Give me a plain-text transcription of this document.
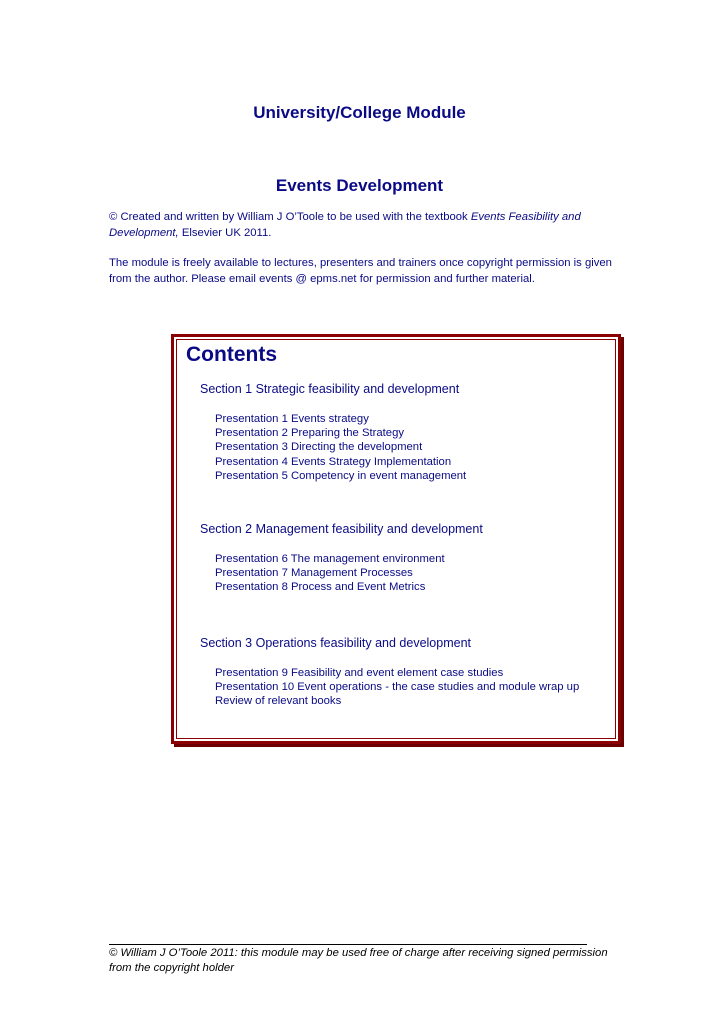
University/College Module
Events Development
© Created and written by William J O’Toole to be used with the textbook Events Feasibility and Development, Elsevier UK 2011.
The module is freely available to lectures, presenters and trainers once copyright permission is given from the author. Please email events @ epms.net for permission and further material.
Contents
Section 1 Strategic feasibility and development
Presentation 1 Events strategy
Presentation 2 Preparing the Strategy
Presentation 3 Directing the development
Presentation 4 Events Strategy Implementation
Presentation 5 Competency in event management
Section 2 Management feasibility and development
Presentation 6 The management environment
Presentation 7 Management Processes
Presentation 8 Process and Event Metrics
Section 3 Operations feasibility and development
Presentation 9 Feasibility and event element case studies
Presentation 10 Event operations - the case studies and module wrap up
Review of relevant books
© William J O’Toole 2011: this module may be used free of charge after receiving signed permission from the copyright holder
